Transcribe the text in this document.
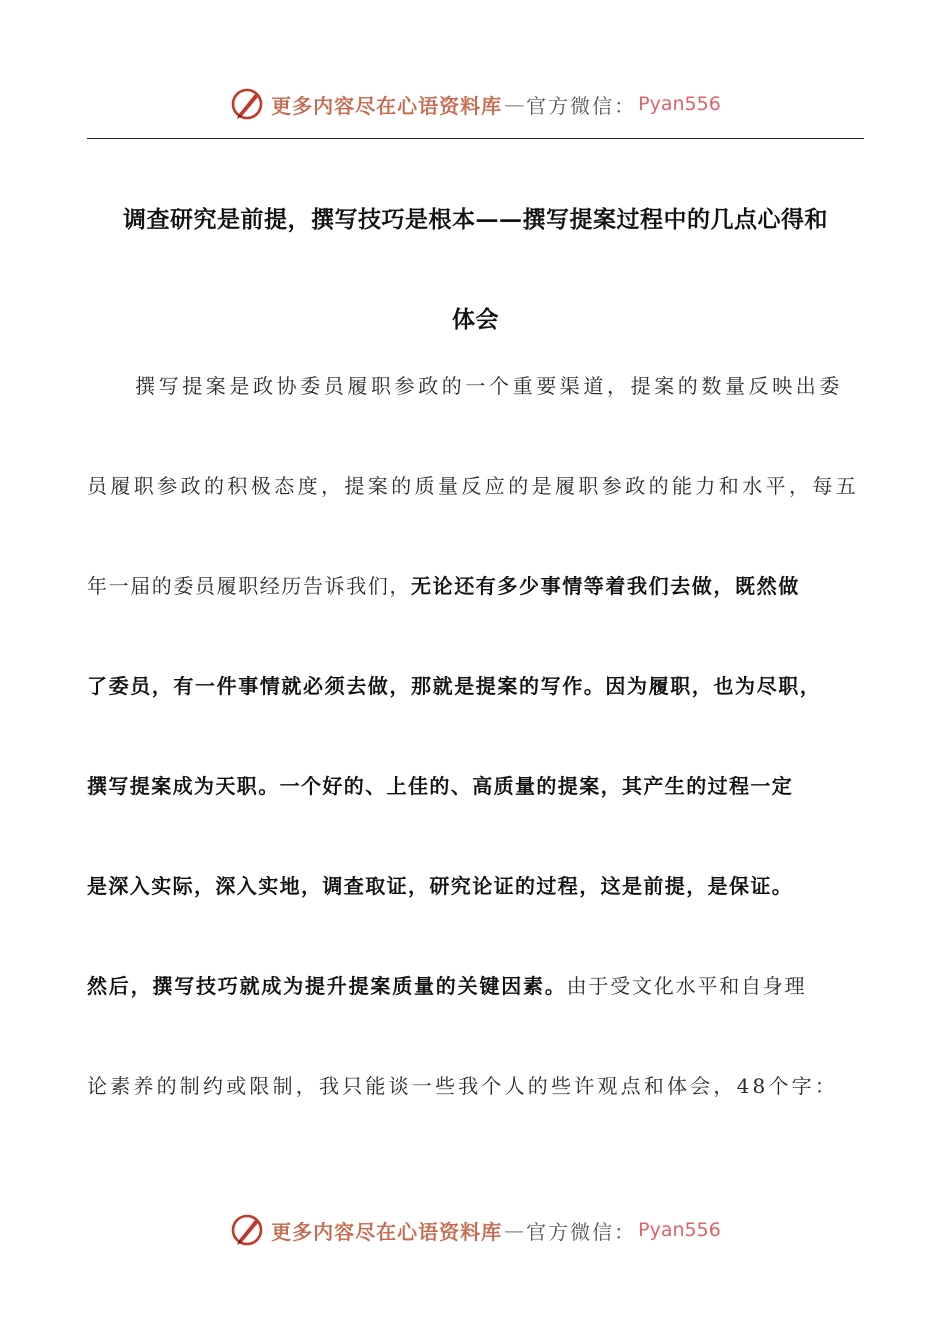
更多内容尽在心语资料库 — 官方微信： Pyan556
调查研究是前提，撰写技巧是根本——撰写提案过程中的几点心得和
体会
撰写提案是政协委员履职参政的一个重要渠道，提案的数量反映出委
员履职参政的积极态度，提案的质量反应的是履职参政的能力和水平，每五
年一届的委员履职经历告诉我们，无论还有多少事情等着我们去做，既然做
了委员，有一件事情就必须去做，那就是提案的写作。因为履职，也为尽职，
撰写提案成为天职。一个好的、上佳的、高质量的提案，其产生的过程一定
是深入实际，深入实地，调查取证，研究论证的过程，这是前提，是保证。
然后，撰写技巧就成为提升提案质量的关键因素。由于受文化水平和自身理
论素养的制约或限制，我只能谈一些我个人的些许观点和体会，48个字：
更多内容尽在心语资料库 — 官方微信： Pyan556
